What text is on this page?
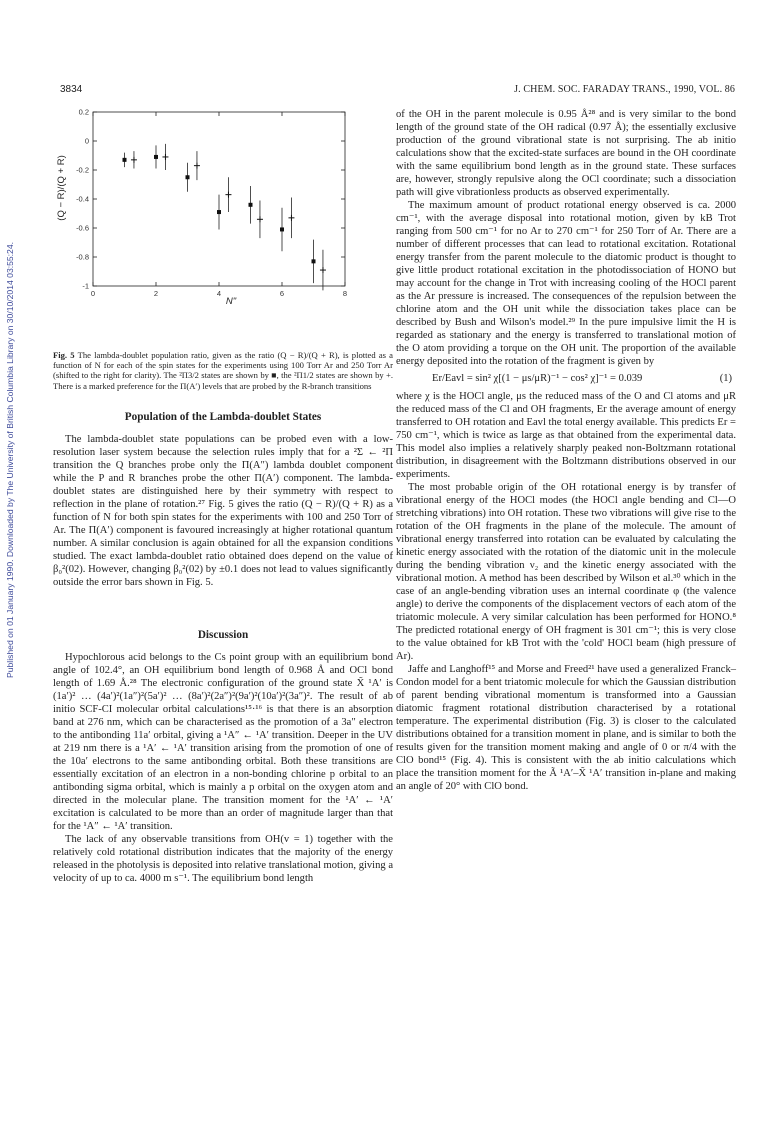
Published on 01 January 1990. Downloaded by The University of British Columbia Library on 30/10/2014 03:55:24.
3834	J. CHEM. SOC. FARADAY TRANS., 1990, VOL. 86
0	2	4	6	8
0.2
0
-0.2
-0.4
-0.6
-0.8
-1
(Q − R)/(Q + R)
N"

Fig. 5 The lambda-doublet population ratio, given as the ratio (Q − R)/(Q + R), is plotted as a function of N for each of the spin states for the experiments using 100 Torr Ar and 250 Torr Ar (shifted to the right for clarity). The ²Π3/2 states are shown by ■, the ²Π1/2 states are shown by +. There is a marked preference for the Π(A′) levels that are probed by the R-branch transitions

Population of the Lambda-doublet States

The lambda-doublet state populations can be probed even with a low-resolution laser system because the selection rules imply that for a ²Σ ← ²Π transition the Q branches probe only the Π(A″) lambda doublet component while the P and R branches probe the other Π(A′) component. The lambda-doublet states are distinguished here by their symmetry with respect to reflection in the plane of rotation.²⁷ Fig. 5 gives the ratio (Q − R)/(Q + R) as a function of N for both spin states for the experiments with 100 and 250 Torr of Ar. The Π(A′) component is favoured increasingly at higher rotational quantum number. A similar conclusion is again obtained for all the expansion conditions studied. The exact lambda-doublet ratio obtained does depend on the value of β₀²(02). However, changing β₀²(02) by ±0.1 does not lead to values significantly outside the error bars shown in Fig. 5.

Discussion

Hypochlorous acid belongs to the Cs point group with an equilibrium bond angle of 102.4°, an OH equilibrium bond length of 0.968 Å and OCl bond length of 1.69 Å.²⁸ The electronic configuration of the ground state X̃ ¹A′ is (1a′)² … (4a′)²(1a″)²(5a′)² … (8a′)²(2a″)²(9a′)²(10a′)²(3a″)². The result of ab initio SCF-CI molecular orbital calculations¹⁵·¹⁶ is that there is an absorption band at 276 nm, which can be characterised as the promotion of a 3a″ electron to the antibonding 11a′ orbital, giving a ¹A″ ← ¹A′ transition. Deeper in the UV at 219 nm there is a ¹A′ ← ¹A′ transition arising from the promotion of one of the 10a′ electrons to the same antibonding orbital. Both these transitions are essentially excitation of an electron in a non-bonding chlorine p orbital to an antibonding sigma orbital, which is mainly a p orbital on the oxygen atom and directed in the molecular plane. The transition moment for the ¹A′ ← ¹A′ excitation is calculated to be more than an order of magnitude larger than that for the ¹A″ ← ¹A′ transition.

The lack of any observable transitions from OH(v = 1) together with the relatively cold rotational distribution indicates that the majority of the energy released in the photolysis is deposited into relative translational motion, giving a velocity of up to ca. 4000 m s⁻¹. The equilibrium bond length

of the OH in the parent molecule is 0.95 Å²⁸ and is very similar to the bond length of the ground state of the OH radical (0.97 Å); the essentially exclusive production of the ground vibrational state is not surprising. The ab initio calculations show that the excited-state surfaces are bound in the OH coordinate with the same equilibrium bond length as in the ground state. These surfaces are, however, strongly repulsive along the OCl coordinate; such a dissociation path will give vibrationless products as observed experimentally.

The maximum amount of product rotational energy observed is ca. 2000 cm⁻¹, with the average disposal into rotational motion, given by kB Trot ranging from 500 cm⁻¹ for no Ar to 270 cm⁻¹ for 250 Torr of Ar. There are a number of different processes that can lead to rotational excitation. Rotational energy transfer from the parent molecule to the diatomic product is thought to give little product rotational excitation in the photodissociation of HONO but may account for the change in Trot with increasing cooling of the HOCl parent as the Ar pressure is increased. The consequences of the repulsion between the chlorine atom and the OH unit while the dissociation takes place can be described by Bush and Wilson's model.²⁹ In the pure impulsive limit the H is regarded as stationary and the energy is transferred to translational motion of the O atom providing a torque on the OH unit. The proportion of the available energy deposited into the rotation of the fragment is given by

Er/Eavl = sin² χ[(1 − μs/μR)⁻¹ − cos² χ]⁻¹ = 0.039	(1)

where χ is the HOCl angle, μs the reduced mass of the O and Cl atoms and μR the reduced mass of the Cl and OH fragments, Er the average amount of energy transferred to OH rotation and Eavl the total energy available. This predicts Er = 750 cm⁻¹, which is twice as large as that obtained from the experimental data. This model also implies a relatively sharply peaked non-Boltzmann rotational distribution, in disagreement with the Boltzmann distributions observed in our experiments.

The most probable origin of the OH rotational energy is by transfer of vibrational energy of the HOCl modes (the HOCl angle bending and Cl—O stretching vibrations) into OH rotation. These two vibrations will give rise to the rotation of the OH fragments in the plane of the molecule. The amount of vibrational energy transferred into rotation can be evaluated by calculating the kinetic energy associated with the rotation of the diatomic unit in the molecule during the bending vibration ν₂ and the kinetic energy associated with the vibrational motion. A method has been described by Wilson et al.³⁰ which in the case of an angle-bending vibration uses an internal coordinate φ (the valence angle) to derive the components of the displacement vectors of each atom of the triatomic molecule. A very similar calculation has been performed for HONO.⁸ The predicted rotational energy of OH fragment is 301 cm⁻¹; this is very close to the value obtained for kB Trot with the 'cold' HOCl beam (high pressure of Ar).

Jaffe and Langhoff¹⁵ and Morse and Freed²¹ have used a generalized Franck–Condon model for a bent triatomic molecule for which the Gaussian distribution of parent bending vibrational momentum is transformed into a Gaussian diatomic fragment rotational distribution characterised by a rotational temperature. The experimental distribution (Fig. 3) is closer to the calculated distributions obtained for a transition moment in plane, and is similar to both the results given for the transition moment making and angle of 0 or π/4 with the ClO bond¹⁵ (Fig. 4). This is consistent with the ab initio calculations which place the transition moment for the Ã ¹A′–X̃ ¹A′ transition in-plane and making an angle of 20° with ClO bond.
